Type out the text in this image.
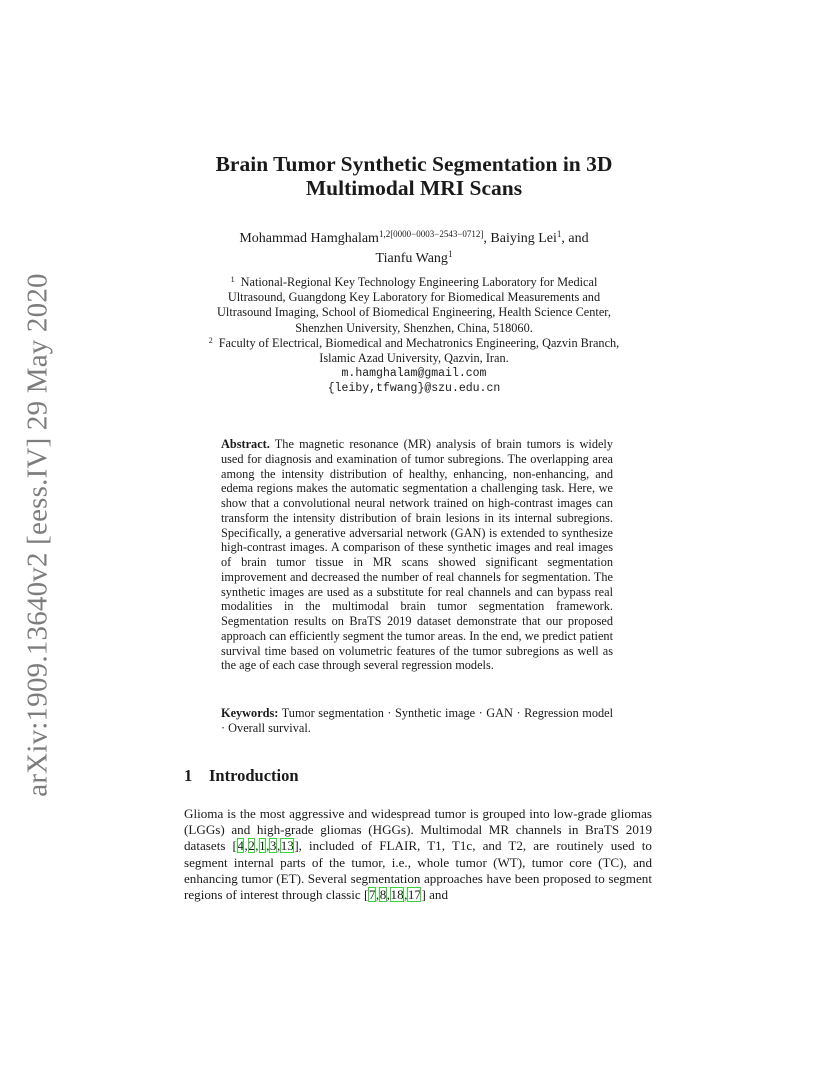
arXiv:1909.13640v2 [eess.IV] 29 May 2020
Brain Tumor Synthetic Segmentation in 3D
Multimodal MRI Scans
Mohammad Hamghalam$^{1,2[0000-0003-2543-0712]}$, Baiying Lei$^1$, and
Tianfu Wang$^1$

$^1$ National-Regional Key Technology Engineering Laboratory for Medical

Ultrasound, Guangdong Key Laboratory for Biomedical Measurements and

Ultrasound Imaging, School of Biomedical Engineering, Health Science Center,

Shenzhen University, Shenzhen, China, 518060.

$^2$ Faculty of Electrical, Biomedical and Mechatronics Engineering, Qazvin Branch,

Islamic Azad University, Qazvin, Iran.

m.hamghalam@gmail.com

{leiby,tfwang}@szu.edu.cn

Abstract. The magnetic resonance (MR) analysis of brain tumors is widely used for diagnosis and examination of tumor subregions. The overlapping area among the intensity distribution of healthy, enhancing, non-enhancing, and edema regions makes the automatic segmentation a challenging task. Here, we show that a convolutional neural network trained on high-contrast images can transform the intensity distribution of brain lesions in its internal subregions. Specifically, a generative adversarial network (GAN) is extended to synthesize high-contrast images. A comparison of these synthetic images and real images of brain tumor tissue in MR scans showed significant segmentation improvement and decreased the number of real channels for segmentation. The synthetic images are used as a substitute for real channels and can bypass real modalities in the multimodal brain tumor segmentation framework. Segmentation results on BraTS 2019 dataset demonstrate that our proposed approach can efficiently segment the tumor areas. In the end, we predict patient survival time based on volumetric features of the tumor subregions as well as the age of each case through several regression models.
Keywords: Tumor segmentation · Synthetic image · GAN · Regression model · Overall survival.
1 Introduction
Glioma is the most aggressive and widespread tumor is grouped into low-grade gliomas (LGGs) and high-grade gliomas (HGGs). Multimodal MR channels in BraTS 2019 datasets [4,2,1,3,13], included of FLAIR, T1, T1c, and T2, are routinely used to segment internal parts of the tumor, i.e., whole tumor (WT), tumor core (TC), and enhancing tumor (ET). Several segmentation approaches have been proposed to segment regions of interest through classic [7,8,18,17] and
